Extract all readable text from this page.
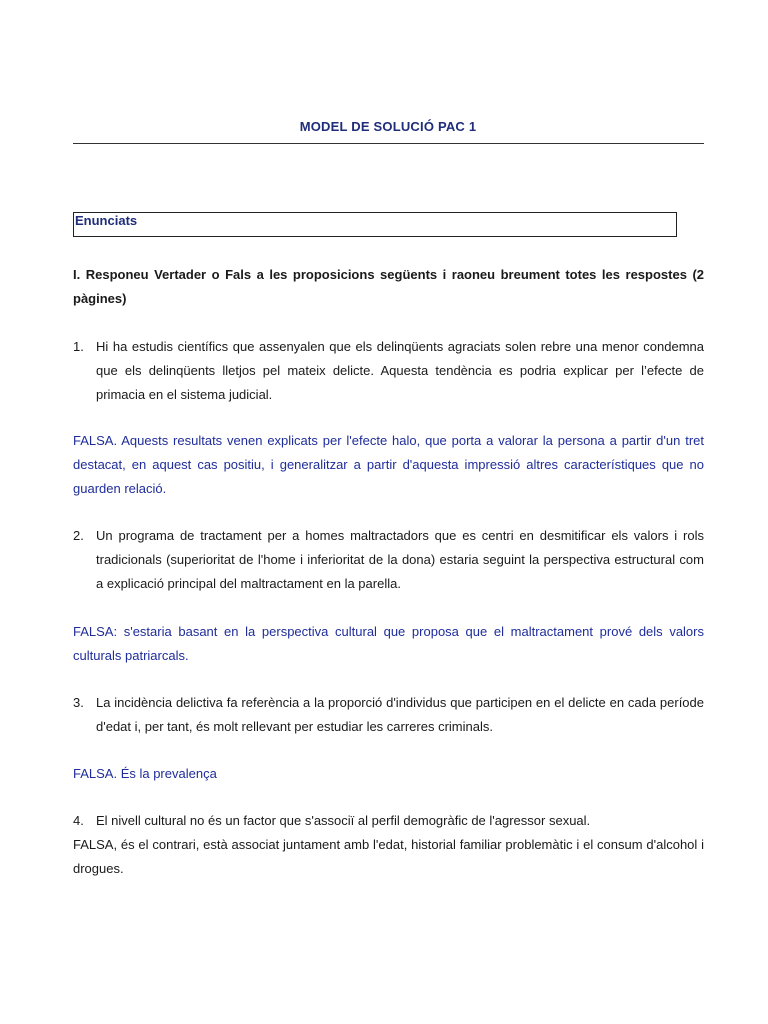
MODEL DE SOLUCIÓ PAC 1
Enunciats

I. Responeu Vertader o Fals a les proposicions següents i raoneu breument totes les respostes (2 pàgines)

1. Hi ha estudis científics que assenyalen que els delinqüents agraciats solen rebre una menor condemna que els delinqüents lletjos pel mateix delicte. Aquesta tendència es podria explicar per l’efecte de primacia en el sistema judicial.

FALSA. Aquests resultats venen explicats per l'efecte halo, que porta a valorar la persona a partir d'un tret destacat, en aquest cas positiu, i generalitzar a partir d'aquesta impressió altres característiques que no guarden relació.

2. Un programa de tractament per a homes maltractadors que es centri en desmitificar els valors i rols tradicionals (superioritat de l'home i inferioritat de la dona) estaria seguint la perspectiva estructural com a explicació principal del maltractament en la parella.

FALSA: s'estaria basant en la perspectiva cultural que proposa que el maltractament prové dels valors culturals patriarcals.

3. La incidència delictiva fa referència a la proporció d'individus que participen en el delicte en cada període d'edat i, per tant, és molt rellevant per estudiar les carreres criminals.

FALSA. És la prevalença

4. El nivell cultural no és un factor que s'associï al perfil demogràfic de l'agressor sexual.

FALSA, és el contrari, està associat juntament amb l'edat, historial familiar problemàtic i el consum d'alcohol i drogues.
